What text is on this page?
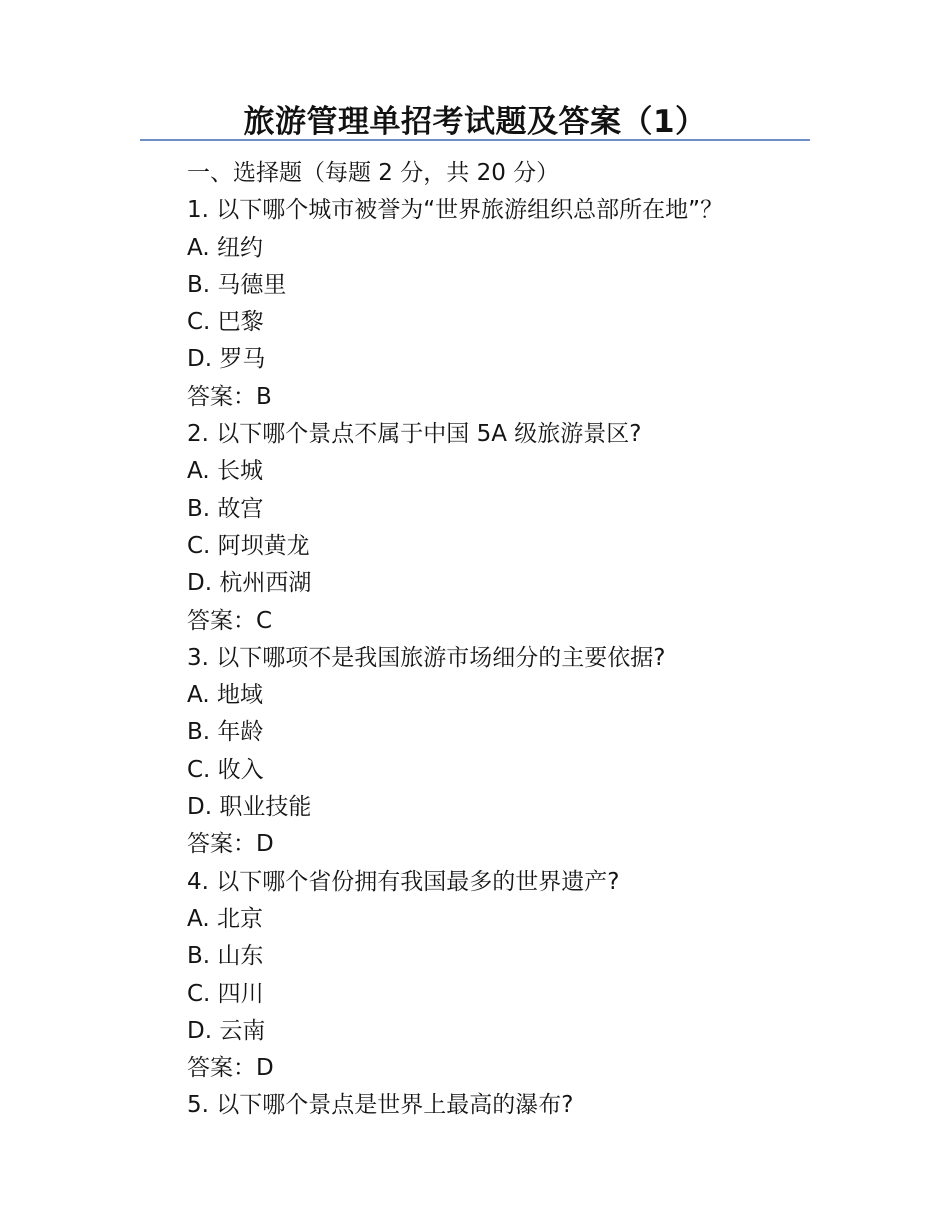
旅游管理单招考试题及答案（1）
一、选择题（每题 2 分，共 20 分）
1. 以下哪个城市被誉为“世界旅游组织总部所在地”？
A. 纽约
B. 马德里
C. 巴黎
D. 罗马
答案：B
2. 以下哪个景点不属于中国 5A 级旅游景区?
A. 长城
B. 故宫
C. 阿坝黄龙
D. 杭州西湖
答案：C
3. 以下哪项不是我国旅游市场细分的主要依据?
A. 地域
B. 年龄
C. 收入
D. 职业技能
答案：D
4. 以下哪个省份拥有我国最多的世界遗产?
A. 北京
B. 山东
C. 四川
D. 云南
答案：D
5. 以下哪个景点是世界上最高的瀑布?
